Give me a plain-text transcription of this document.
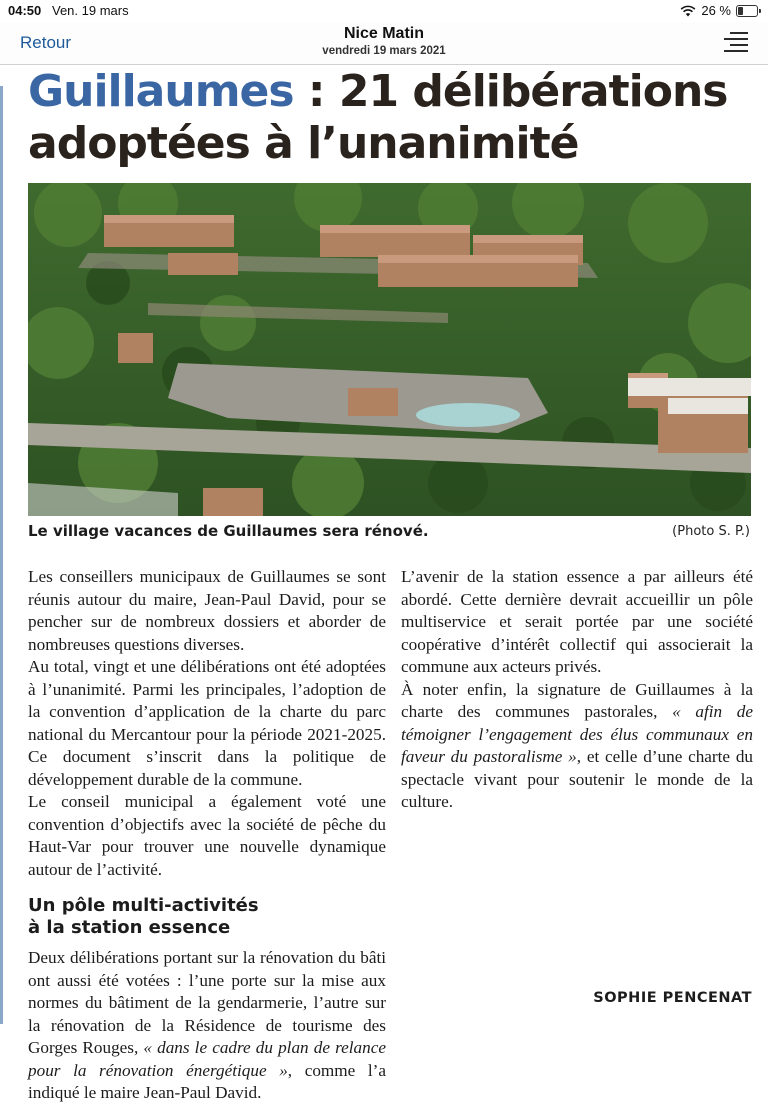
04:50 Ven. 19 mars	26 %
Retour	Nice Matin
vendredi 19 mars 2021
Guillaumes : 21 délibérations adoptées à l’unanimité
Le village vacances de Guillaumes sera rénové.	(Photo S. P.)

Les conseillers municipaux de Guillaumes se sont réunis autour du maire, Jean-Paul David, pour se pencher sur de nombreux dossiers et aborder de nombreuses questions diverses.

Au total, vingt et une délibérations ont été adoptées à l’unanimité. Parmi les principales, l’adoption de la convention d’application de la charte du parc national du Mercantour pour la période 2021-2025. Ce document s’inscrit dans la politique de développement durable de la commune.

Le conseil municipal a également voté une convention d’objectifs avec la société de pêche du Haut-Var pour trouver une nouvelle dynamique autour de l’activité.

Un pôle multi-activités
à la station essence

Deux délibérations portant sur la rénovation du bâti ont aussi été votées : l’une porte sur la mise aux normes du bâtiment de la gendarmerie, l’autre sur la rénovation de la Résidence de tourisme des Gorges Rouges, « dans le cadre du plan de relance pour la rénovation énergétique », comme l’a indiqué le maire Jean-Paul David.

L’avenir de la station essence a par ailleurs été abordé. Cette dernière devrait accueillir un pôle multiservice et serait portée par une société coopérative d’intérêt collectif qui associerait la commune aux acteurs privés.

À noter enfin, la signature de Guillaumes à la charte des communes pastorales, « afin de témoigner l’engagement des élus communaux en faveur du pastoralisme », et celle d’une charte du spectacle vivant pour soutenir le monde de la culture.

SOPHIE PENCENAT
